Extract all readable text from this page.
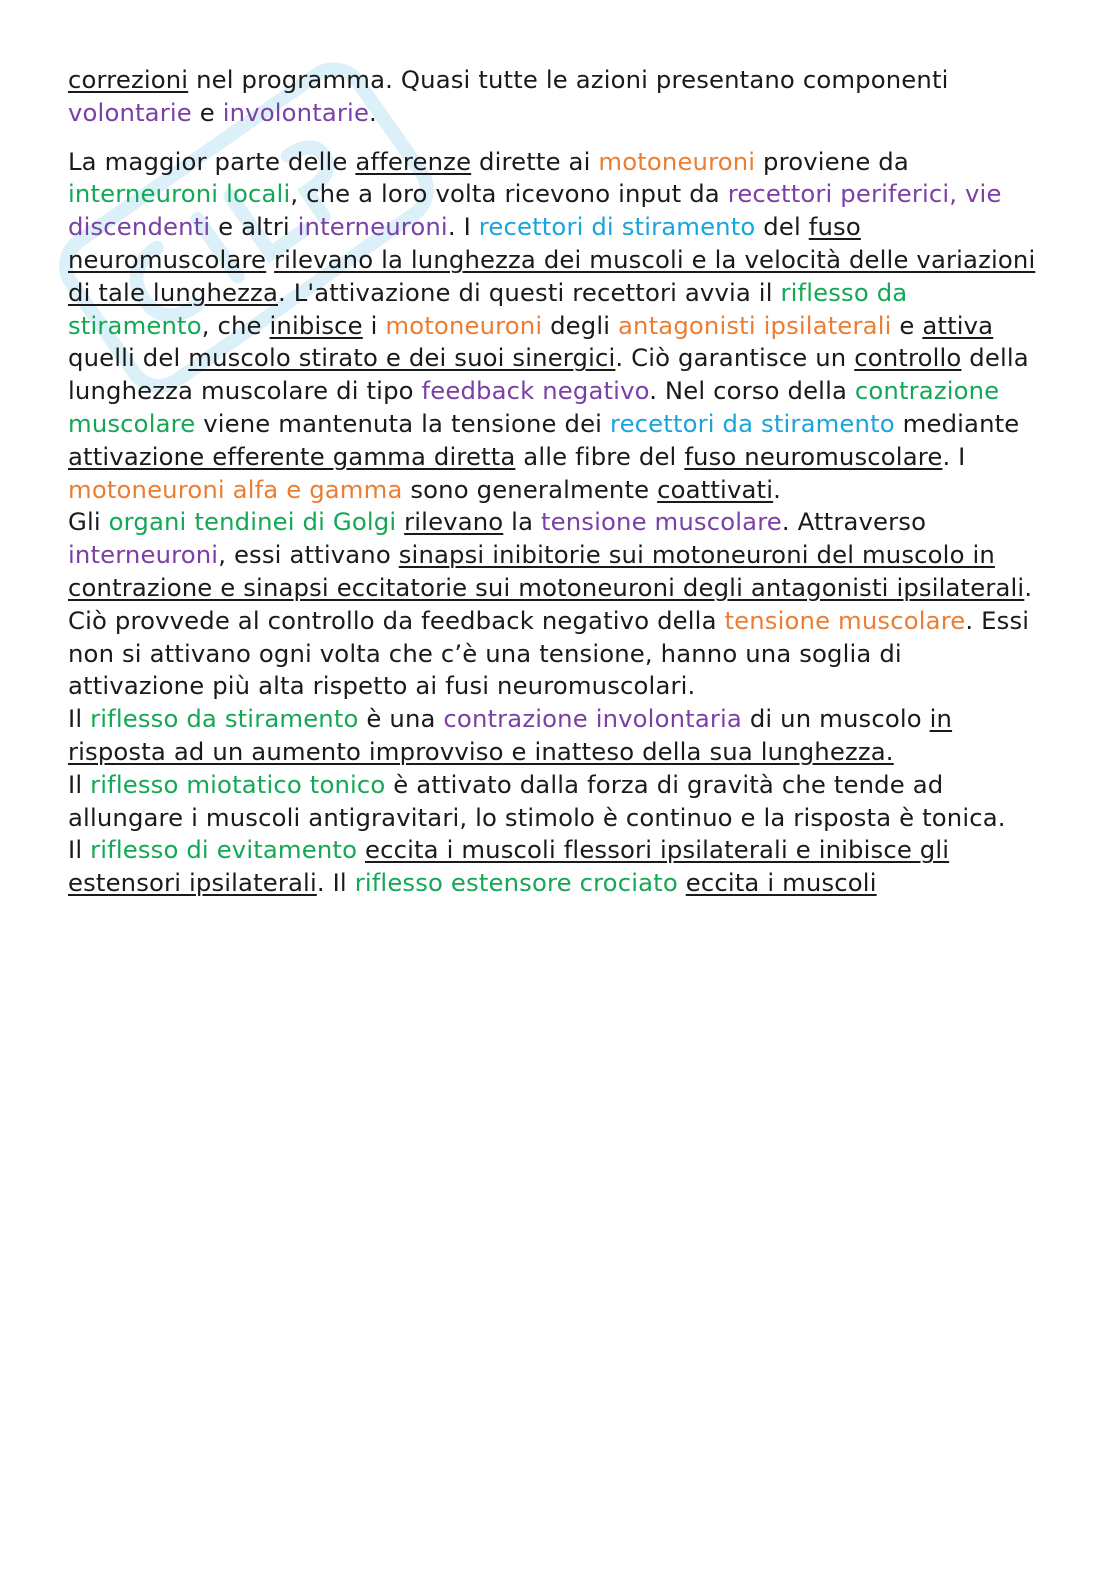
correzioni nel programma. Quasi tutte le azioni presentano componenti volontarie e involontarie.

La maggior parte delle afferenze dirette ai motoneuroni proviene da interneuroni locali, che a loro volta ricevono input da recettori periferici, vie discendenti e altri interneuroni. I recettori di stiramento del fuso neuromuscolare rilevano la lunghezza dei muscoli e la velocità delle variazioni di tale lunghezza. L'attivazione di questi recettori avvia il riflesso da stiramento, che inibisce i motoneuroni degli antagonisti ipsilaterali e attiva quelli del muscolo stirato e dei suoi sinergici. Ciò garantisce un controllo della lunghezza muscolare di tipo feedback negativo. Nel corso della contrazione muscolare viene mantenuta la tensione dei recettori da stiramento mediante attivazione efferente gamma diretta alle fibre del fuso neuromuscolare. I motoneuroni alfa e gamma sono generalmente coattivati.

Gli organi tendinei di Golgi rilevano la tensione muscolare. Attraverso interneuroni, essi attivano sinapsi inibitorie sui motoneuroni del muscolo in contrazione e sinapsi eccitatorie sui motoneuroni degli antagonisti ipsilaterali. Ciò provvede al controllo da feedback negativo della tensione muscolare. Essi non si attivano ogni volta che c’è una tensione, hanno una soglia di attivazione più alta rispetto ai fusi neuromuscolari.

Il riflesso da stiramento è una contrazione involontaria di un muscolo in risposta ad un aumento improvviso e inatteso della sua lunghezza.

Il riflesso miotatico tonico è attivato dalla forza di gravità che tende ad allungare i muscoli antigravitari, lo stimolo è continuo e la risposta è tonica.

Il riflesso di evitamento eccita i muscoli flessori ipsilaterali e inibisce gli estensori ipsilaterali. Il riflesso estensore crociato eccita i muscoli
